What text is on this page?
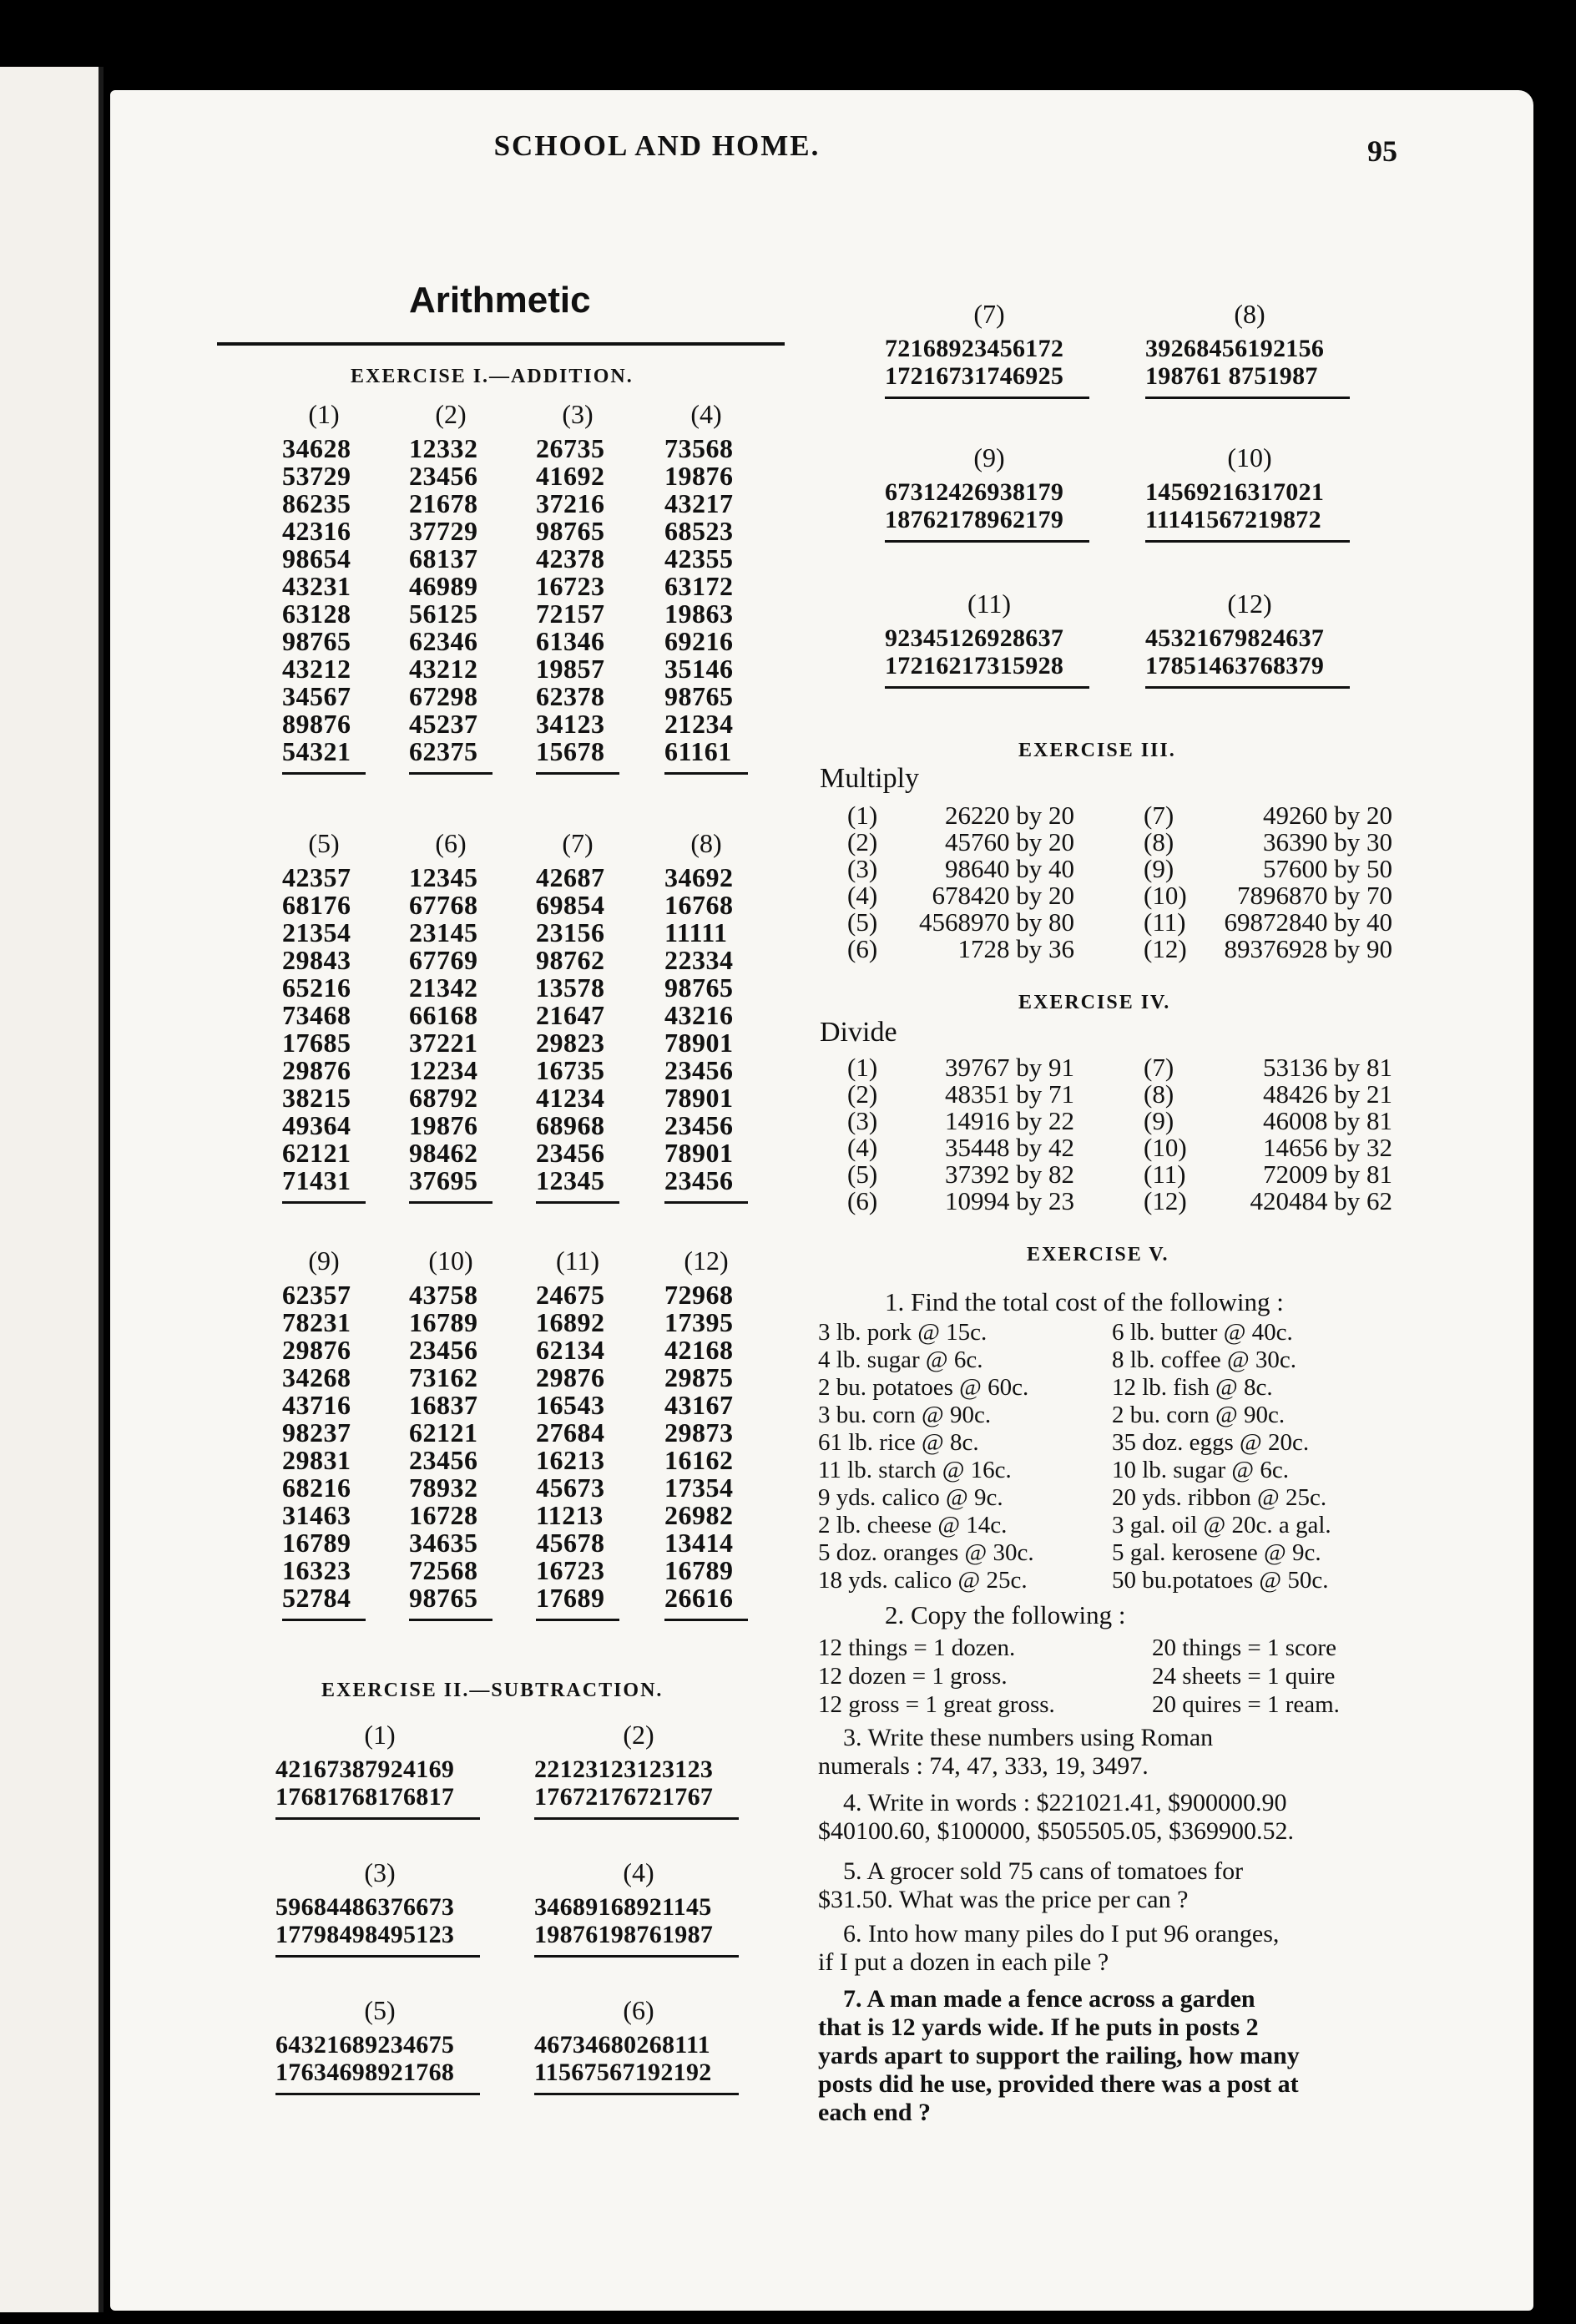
SCHOOL AND HOME.	95
Arithmetic
EXERCISE I.—ADDITION.
(1)
34628
53729
86235
42316
98654
43231
63128
98765
43212
34567
89876
54321
(2)
12332
23456
21678
37729
68137
46989
56125
62346
43212
67298
45237
62375
(3)
26735
41692
37216
98765
42378
16723
72157
61346
19857
62378
34123
15678
(4)
73568
19876
43217
68523
42355
63172
19863
69216
35146
98765
21234
61161
(5)
42357
68176
21354
29843
65216
73468
17685
29876
38215
49364
62121
71431
(6)
12345
67768
23145
67769
21342
66168
37221
12234
68792
19876
98462
37695
(7)
42687
69854
23156
98762
13578
21647
29823
16735
41234
68968
23456
12345
(8)
34692
16768
11111
22334
98765
43216
78901
23456
78901
23456
78901
23456
(9)
62357
78231
29876
34268
43716
98237
29831
68216
31463
16789
16323
52784
(10)
43758
16789
23456
73162
16837
62121
23456
78932
16728
34635
72568
98765
(11)
24675
16892
62134
29876
16543
27684
16213
45673
11213
45678
16723
17689
(12)
72968
17395
42168
29875
43167
29873
16162
17354
26982
13414
16789
26616
EXERCISE II.—SUBTRACTION.
(1)
42167387924169
17681768176817
(2)
22123123123123
17672176721767
(3)
59684486376673
17798498495123
(4)
34689168921145
19876198761987
(5)
64321689234675
17634698921768
(6)
46734680268111
11567567192192
(7)
72168923456172
17216731746925
(8)
39268456192156
198761 8751987
(9)
67312426938179
18762178962179
(10)
14569216317021
11141567219872
(11)
92345126928637
17216217315928
(12)
45321679824637
17851463768379
EXERCISE III.
Multiply
(1)	26220 by 20
(2)	45760 by 20
(3)	98640 by 40
(4)	678420 by 20
(5)	4568970 by 80
(6)	1728 by 36
(7)	49260 by 20
(8)	36390 by 30
(9)	57600 by 50
(10)	7896870 by 70
(11)	69872840 by 40
(12)	89376928 by 90
EXERCISE IV.
Divide
(1)	39767 by 91
(2)	48351 by 71
(3)	14916 by 22
(4)	35448 by 42
(5)	37392 by 82
(6)	10994 by 23
(7)	53136 by 81
(8)	48426 by 21
(9)	46008 by 81
(10)	14656 by 32
(11)	72009 by 81
(12)	420484 by 62
EXERCISE V.
1. Find the total cost of the following :
3 lb. pork @ 15c.
4 lb. sugar @ 6c.
2 bu. potatoes @ 60c.
3 bu. corn @ 90c.
61 lb. rice @ 8c.
11 lb. starch @ 16c.
9 yds. calico @ 9c.
2 lb. cheese @ 14c.
5 doz. oranges @ 30c.
18 yds. calico @ 25c.
6 lb. butter @ 40c.
8 lb. coffee @ 30c.
12 lb. fish @ 8c.
2 bu. corn @ 90c.
35 doz. eggs @ 20c.
10 lb. sugar @ 6c.
20 yds. ribbon @ 25c.
3 gal. oil @ 20c. a gal.
5 gal. kerosene @ 9c.
50 bu.potatoes @ 50c.
2. Copy the following :
12 things = 1 dozen.
12 dozen = 1 gross.
12 gross = 1 great gross.
20 things = 1 score
24 sheets = 1 quire
20 quires = 1 ream.
3. Write these numbers using Roman
numerals : 74, 47, 333, 19, 3497.
4. Write in words : $221021.41, $900000.90
$40100.60, $100000, $505505.05, $369900.52.
5. A grocer sold 75 cans of tomatoes for
$31.50. What was the price per can ?
6. Into how many piles do I put 96 oranges,
if I put a dozen in each pile ?
7. A man made a fence across a garden
that is 12 yards wide. If he puts in posts 2
yards apart to support the railing, how many
posts did he use, provided there was a post at
each end ?
